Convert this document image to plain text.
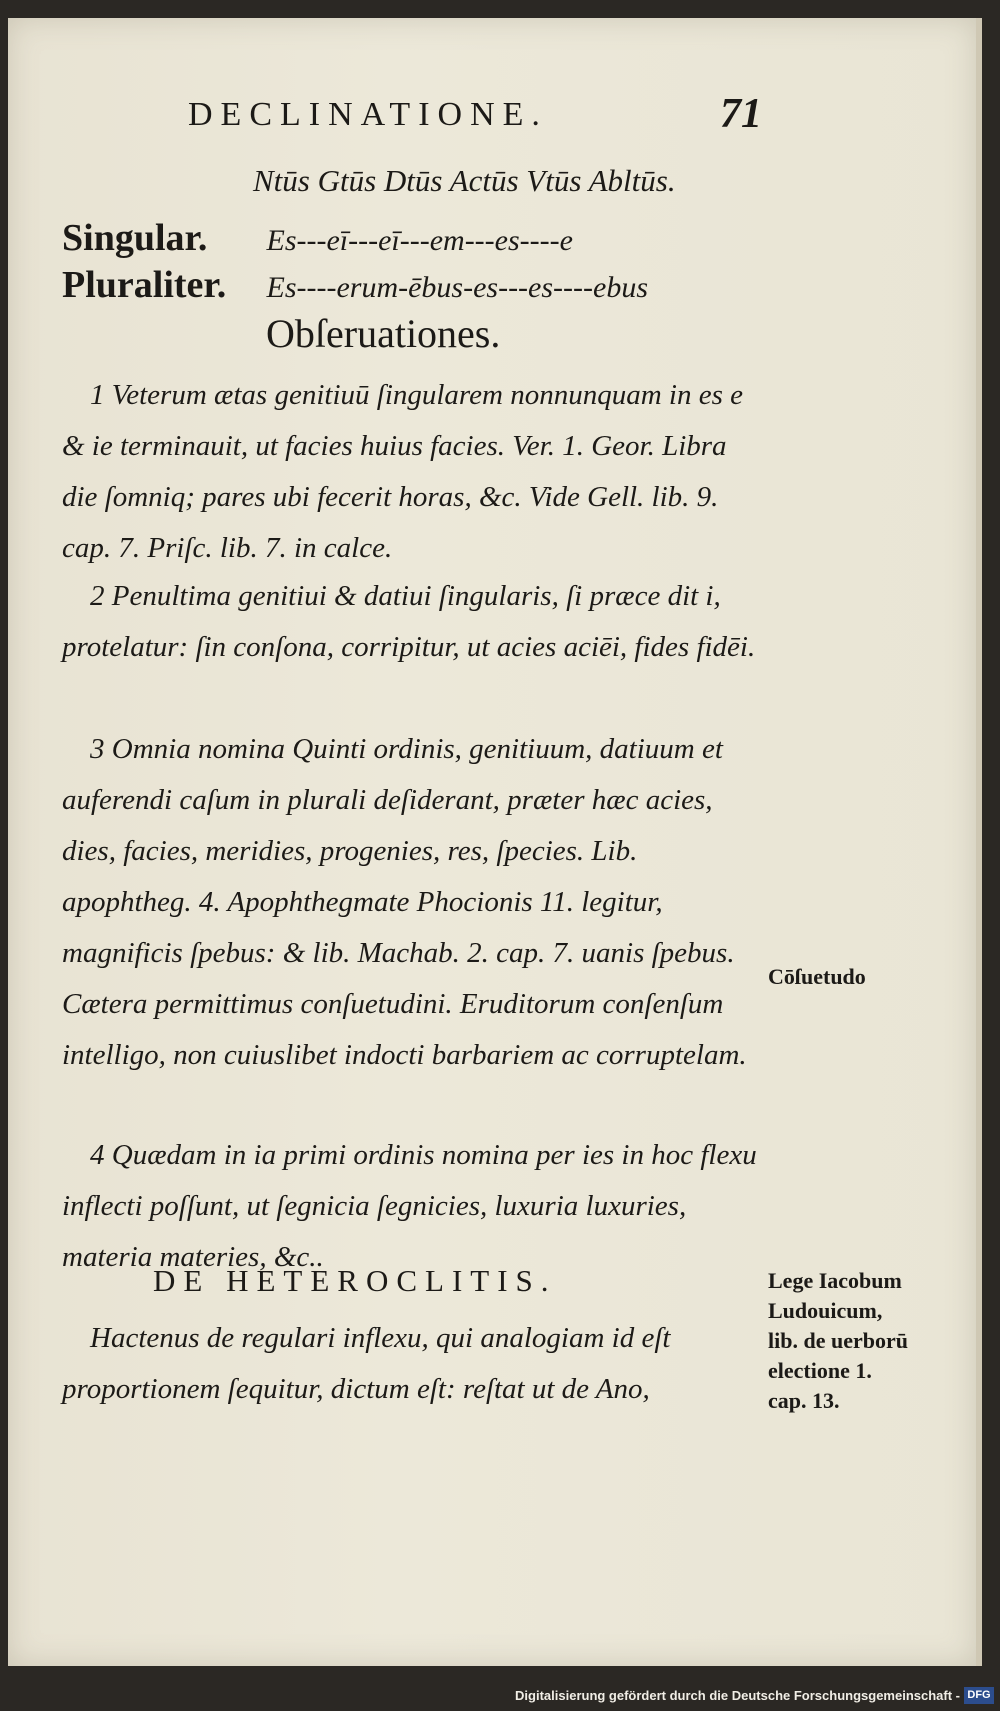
DECLINATIONE.	71
Ntūs Gtūs Dtūs Actūs Vtūs Abltūs.
Singular. Es---eī---eī---em---es----e
Pluraliter. Es----erum-ēbus-es---es----ebus
Obſeruationes.

1 Veterum ætas genitiuū ſingularem nonnunquam in es e & ie terminauit, ut facies huius facies. Ver. 1. Geor. Libra die ſomniq; pares ubi fecerit horas, &c. Vide Gell. lib. 9. cap. 7. Priſc. lib. 7. in calce.

2 Penultima genitiui & datiui ſingularis, ſi præce dit i, protelatur: ſin conſona, corripitur, ut acies aciēi, fides fidēi.

3 Omnia nomina Quinti ordinis, genitiuum, datiuum et auferendi caſum in plurali deſiderant, præter hæc acies, dies, facies, meridies, progenies, res, ſpecies. Lib. apophtheg. 4. Apophthegmate Phocionis 11. legitur, magnificis ſpebus: & lib. Machab. 2. cap. 7. uanis ſpebus. Cætera permittimus conſuetudini. Eruditorum conſenſum intelligo, non cuiuslibet indocti barbariem ac corruptelam.

4 Quædam in ia primi ordinis nomina per ies in hoc flexu inflecti poſſunt, ut ſegnicia ſegnicies, luxuria luxuries, materia materies, &c..

DE HETEROCLITIS.

Hactenus de regulari inflexu, qui analogiam id eſt proportionem ſequitur, dictum eſt: reſtat ut de Ano,

Cōſuetudo
Lege Iacobum Ludouicum, lib. de uerborū electione 1. cap. 13.
Digitalisierung gefördert durch die Deutsche Forschungsgemeinschaft - DFG
